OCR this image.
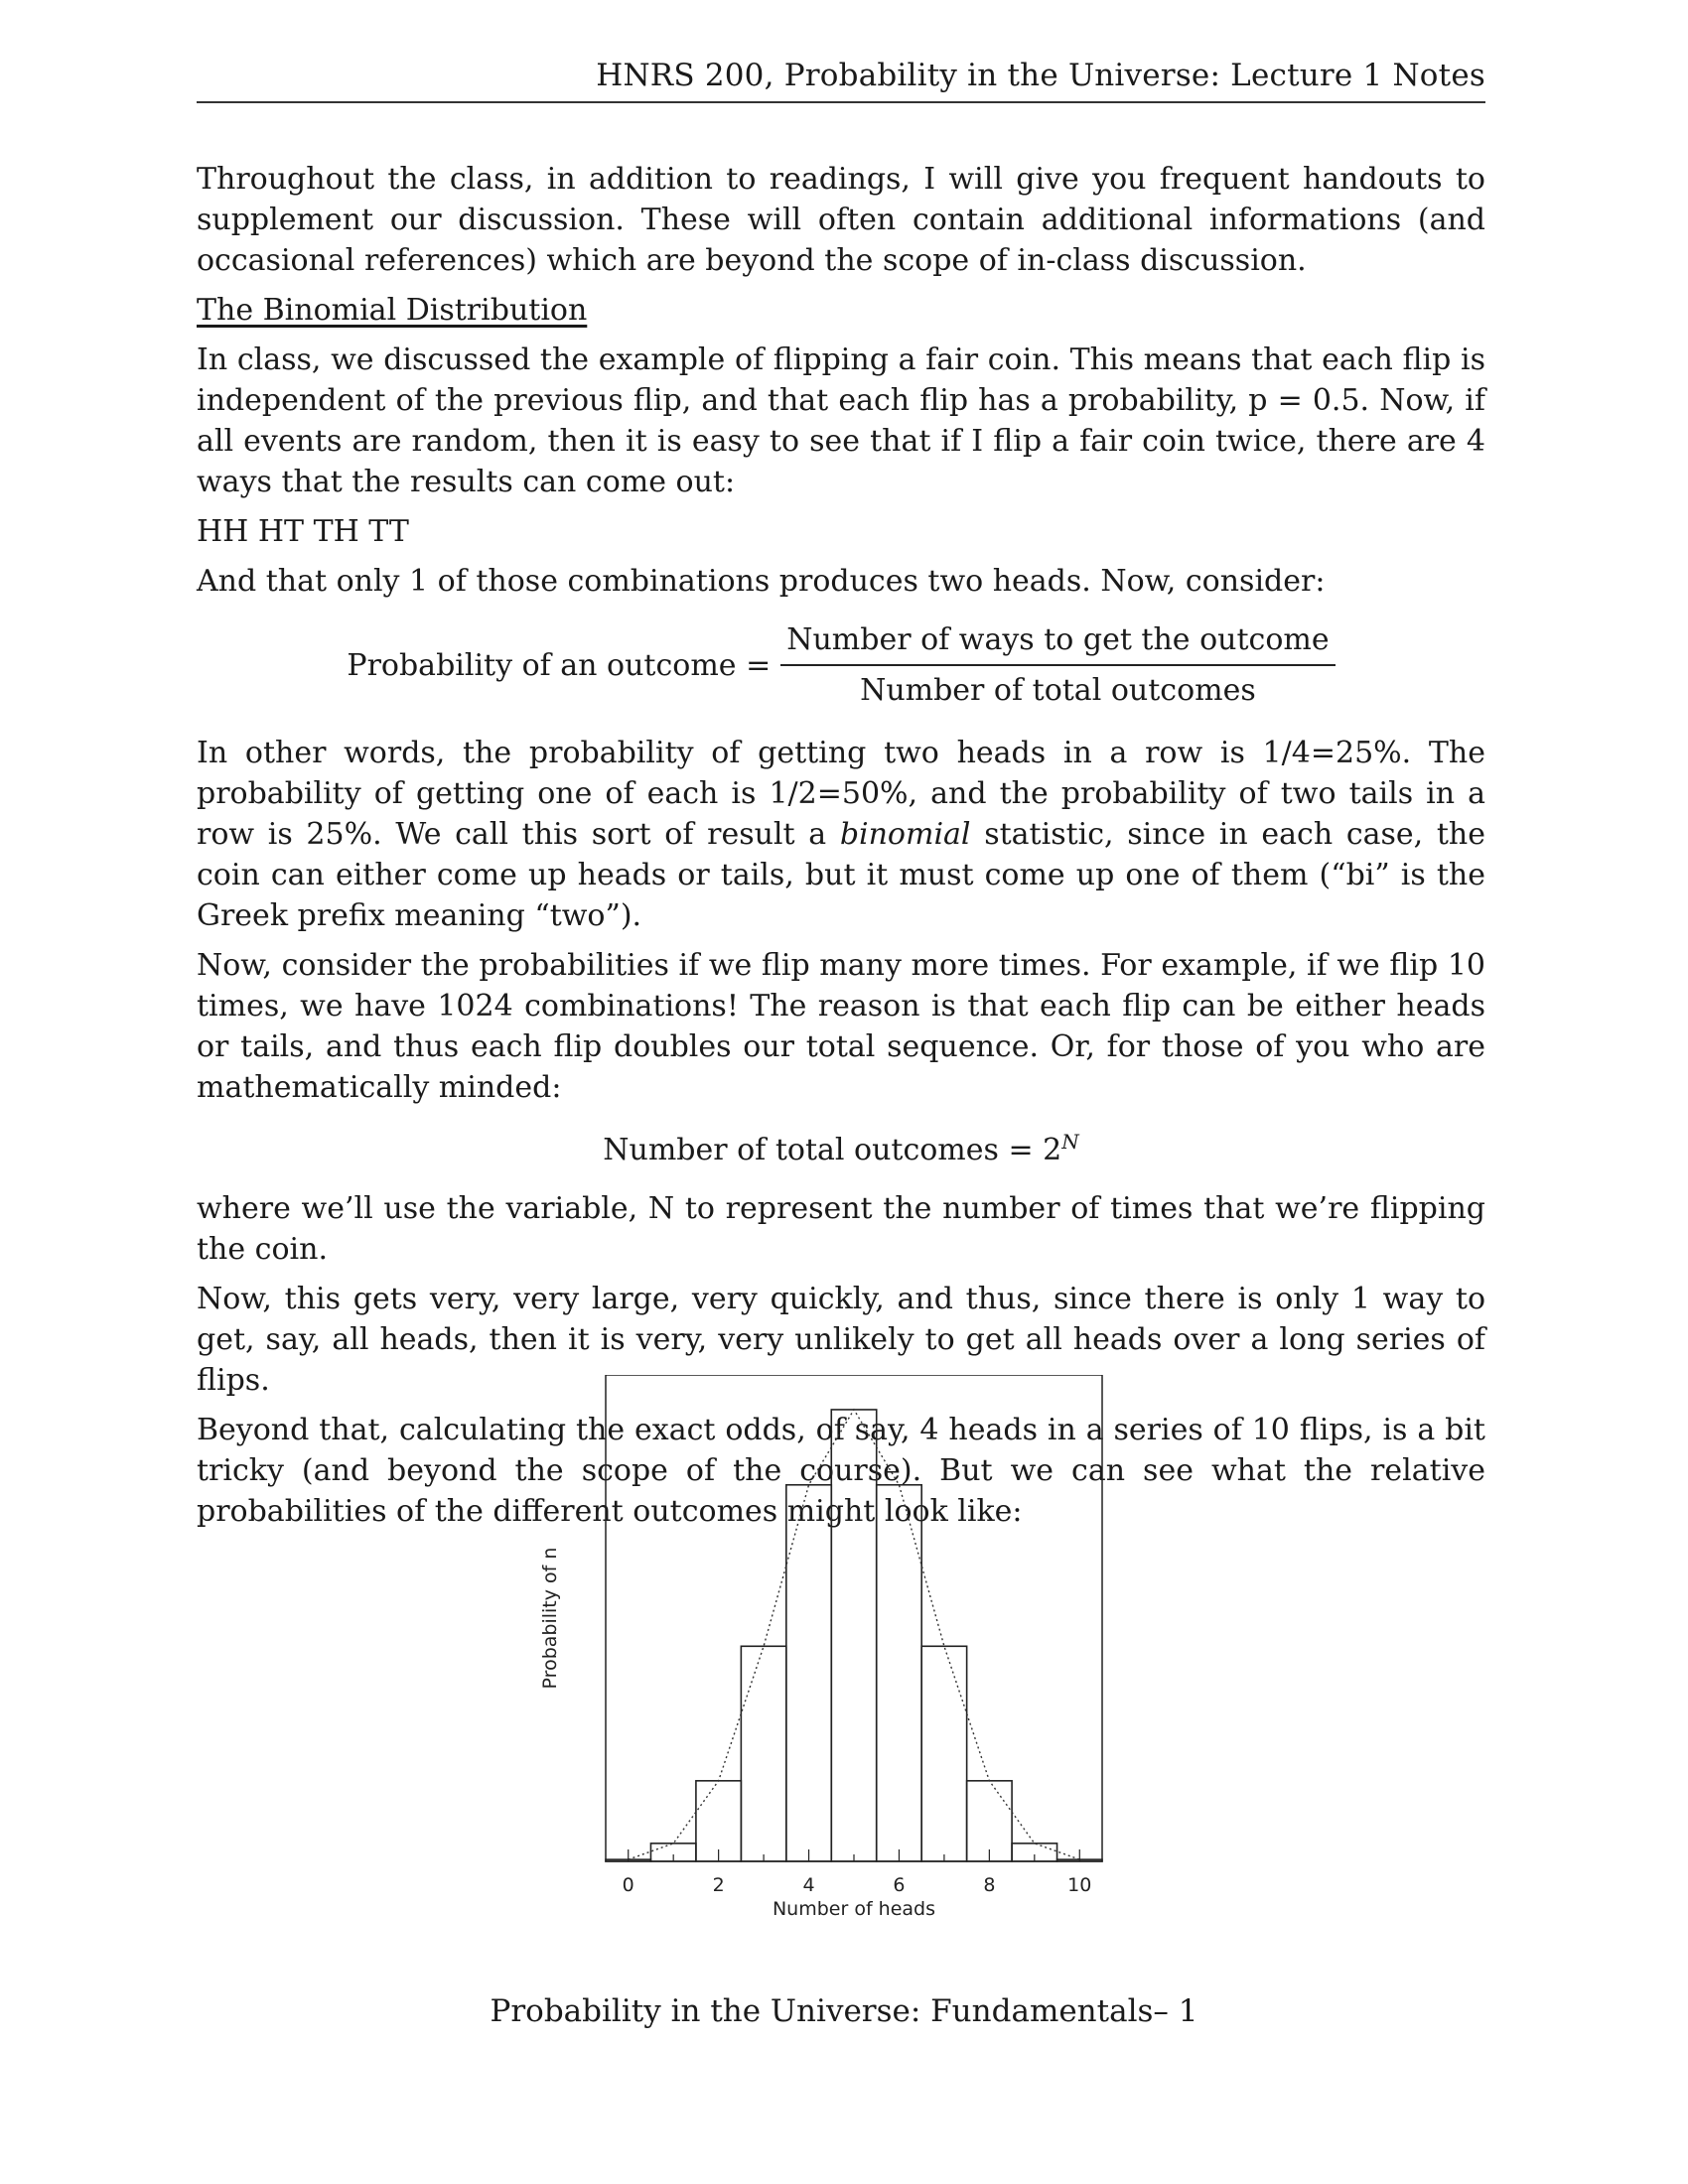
HNRS 200, Probability in the Universe: Lecture 1 Notes

Throughout the class, in addition to readings, I will give you frequent handouts to supplement our discussion. These will often contain additional informations (and occasional references) which are beyond the scope of in-class discussion.

The Binomial Distribution

In class, we discussed the example of flipping a fair coin. This means that each flip is independent of the previous flip, and that each flip has a probability, p = 0.5. Now, if all events are random, then it is easy to see that if I flip a fair coin twice, there are 4 ways that the results can come out:

HH HT TH TT

And that only 1 of those combinations produces two heads. Now, consider:

Probability of an outcome = $\frac{\text{Number of ways to get the outcome}}{\text{Number of total outcomes}}$

In other words, the probability of getting two heads in a row is 1/4=25%. The probability of getting one of each is 1/2=50%, and the probability of two tails in a row is 25%. We call this sort of result a binomial statistic, since in each case, the coin can either come up heads or tails, but it must come up one of them (“bi” is the Greek prefix meaning “two”).

Now, consider the probabilities if we flip many more times. For example, if we flip 10 times, we have 1024 combinations! The reason is that each flip can be either heads or tails, and thus each flip doubles our total sequence. Or, for those of you who are mathematically minded:

Number of total outcomes = $2^N$

where we’ll use the variable, N to represent the number of times that we’re flipping the coin.

Now, this gets very, very large, very quickly, and thus, since there is only 1 way to get, say, all heads, then it is very, very unlikely to get all heads over a long series of flips.

Beyond that, calculating the exact odds, of say, 4 heads in a series of 10 flips, is a bit tricky (and beyond the scope of the course). But we can see what the relative probabilities of the different outcomes might look like:

0	2	4	6	8	10
Number of heads
Probability of n
Probability in the Universe: Fundamentals– 1
